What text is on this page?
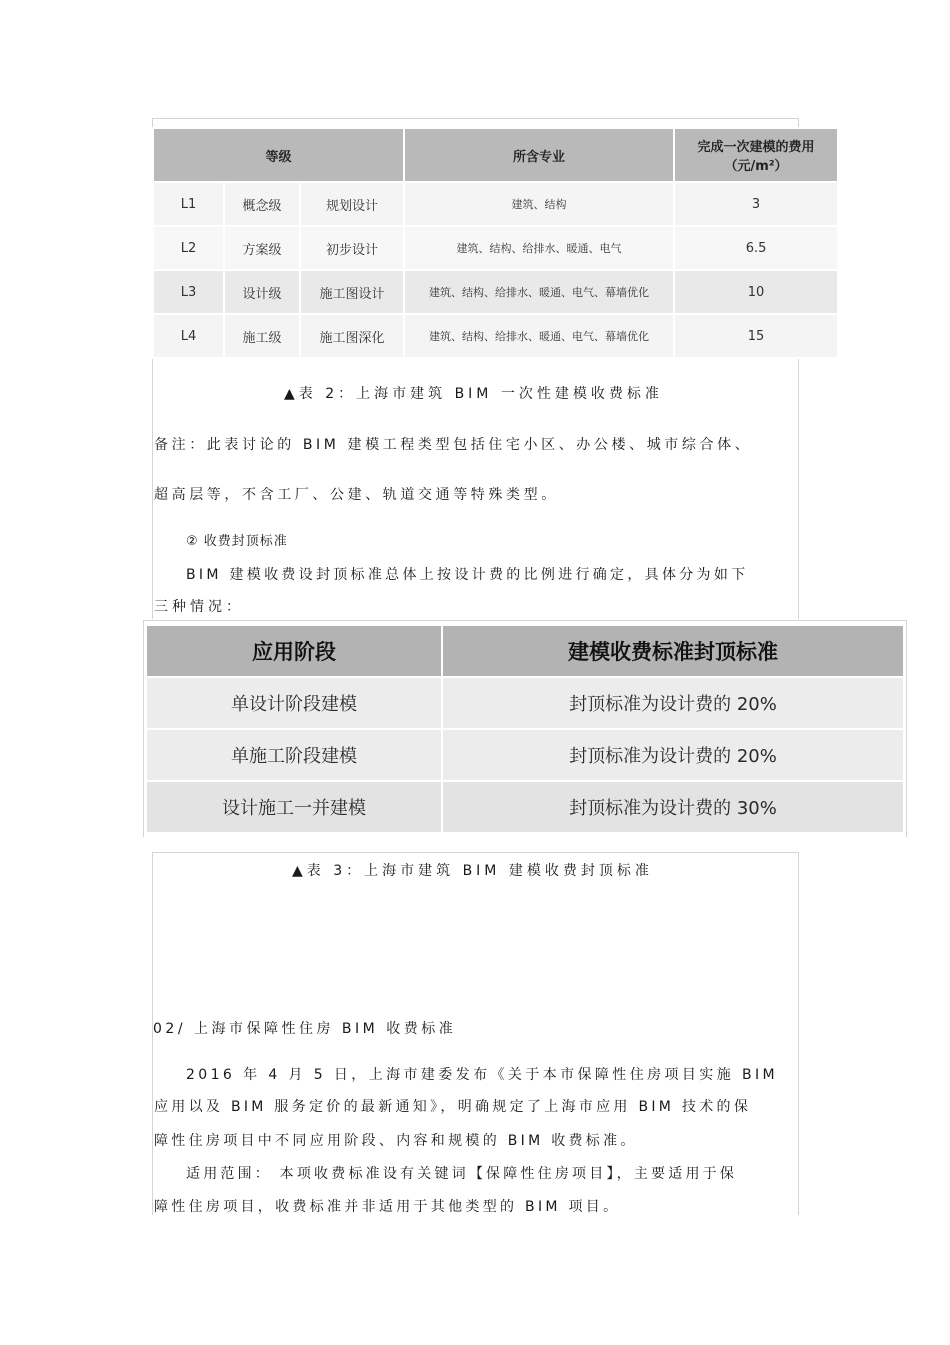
等级			所含专业	完成一次建模的费用（元/m²）
L1	概念级	规划设计	建筑、结构	3
L2	方案级	初步设计	建筑、结构、给排水、暖通、电气	6.5
L3	设计级	施工图设计	建筑、结构、给排水、暖通、电气、幕墙优化	10
L4	施工级	施工图深化	建筑、结构、给排水、暖通、电气、幕墙优化	15
▲表 2：上海市建筑 BIM 一次性建模收费标准
备注：此表讨论的 BIM 建模工程类型包括住宅小区、办公楼、城市综合体、
超高层等，不含工厂、公建、轨道交通等特殊类型。
② 收费封顶标准
BIM 建模收费设封顶标准总体上按设计费的比例进行确定，具体分为如下
三种情况：
应用阶段	建模收费标准封顶标准
单设计阶段建模	封顶标准为设计费的 20%
单施工阶段建模	封顶标准为设计费的 20%
设计施工一并建模	封顶标准为设计费的 30%
▲表 3：上海市建筑 BIM 建模收费封顶标准
02/ 上海市保障性住房 BIM 收费标准
2016 年 4 月 5 日，上海市建委发布《关于本市保障性住房项目实施 BIM
应用以及 BIM 服务定价的最新通知》，明确规定了上海市应用 BIM 技术的保
障性住房项目中不同应用阶段、内容和规模的 BIM 收费标准。
适用范围： 本项收费标准设有关键词【保障性住房项目】，主要适用于保
障性住房项目，收费标准并非适用于其他类型的 BIM 项目。
